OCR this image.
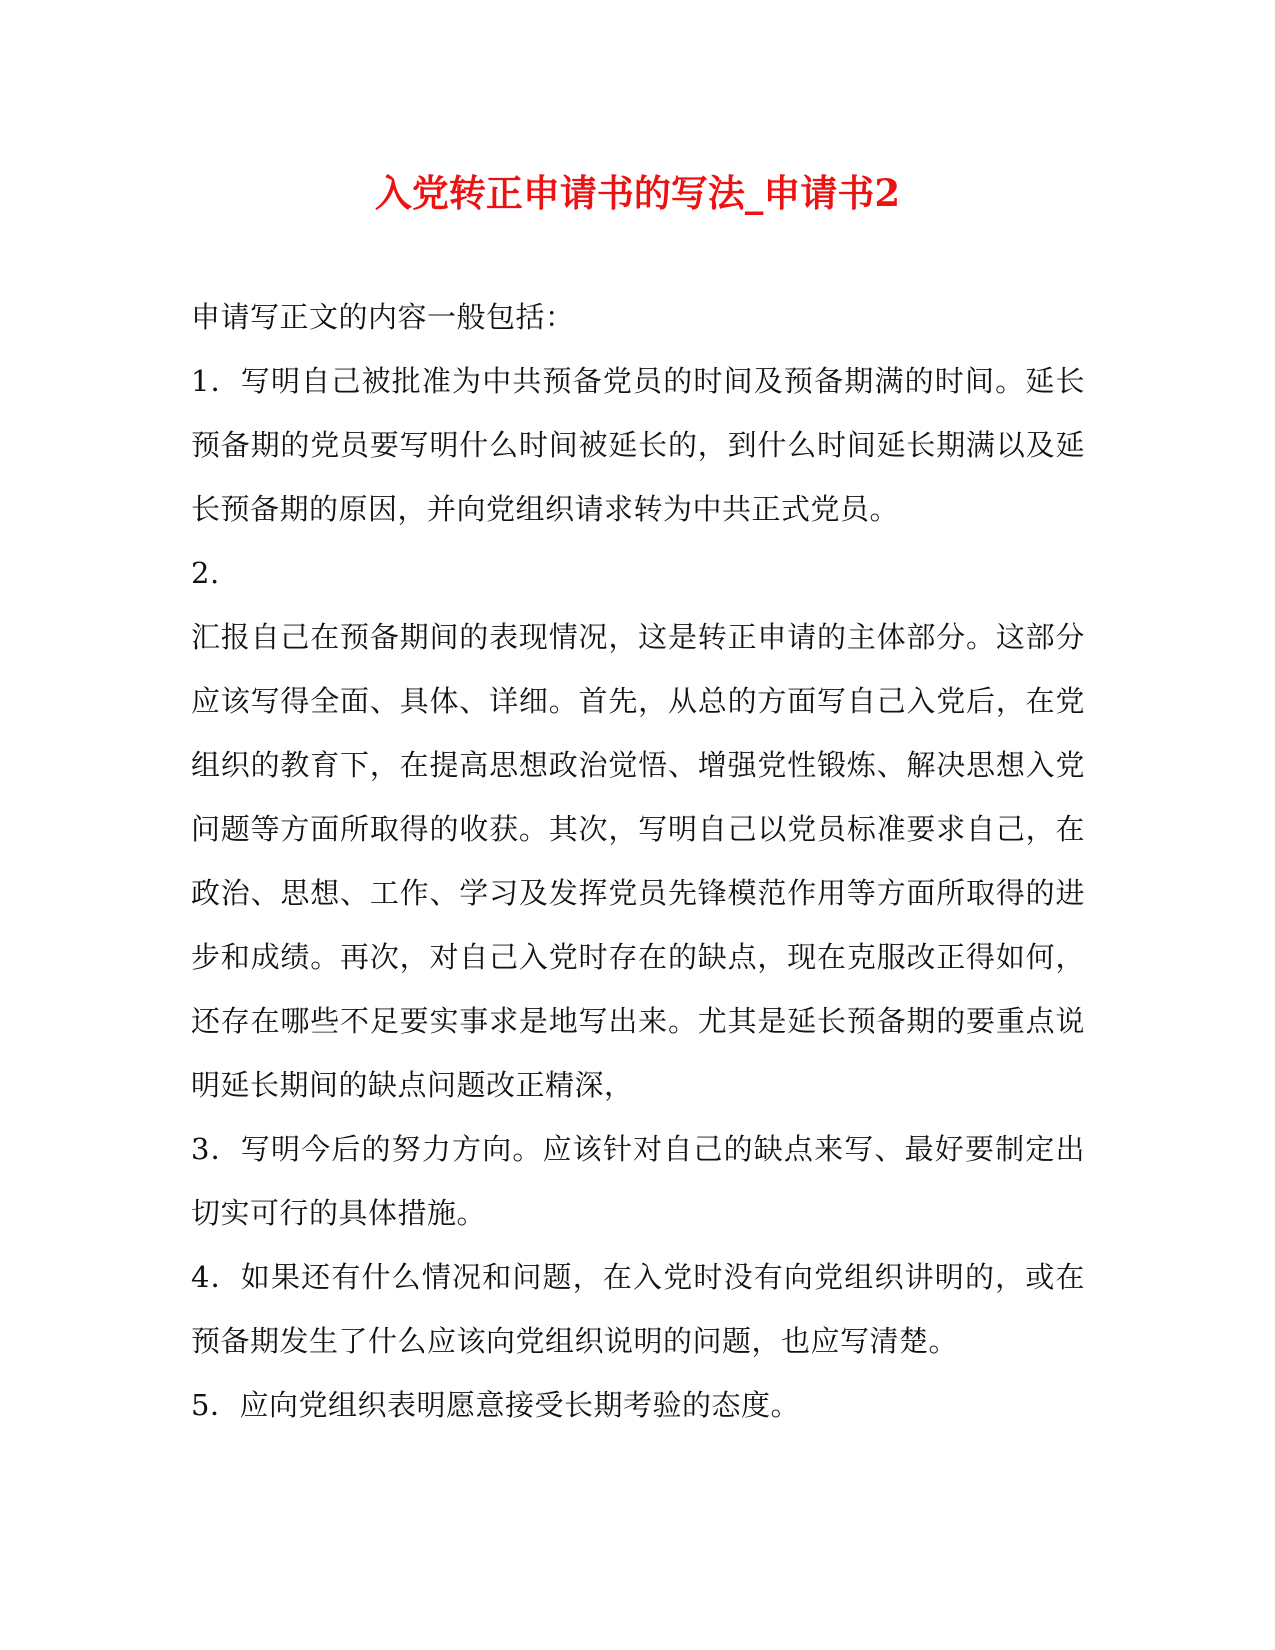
入党转正申请书的写法_申请书2

申请写正文的内容一般包括：

1．写明自己被批准为中共预备党员的时间及预备期满的时间。延长预备期的党员要写明什么时间被延长的，到什么时间延长期满以及延长预备期的原因，并向党组织请求转为中共正式党员。

2.

汇报自己在预备期间的表现情况，这是转正申请的主体部分。这部分应该写得全面、具体、详细。首先，从总的方面写自己入党后，在党组织的教育下，在提高思想政治觉悟、增强党性锻炼、解决思想入党问题等方面所取得的收获。其次，写明自己以党员标准要求自己，在政治、思想、工作、学习及发挥党员先锋模范作用等方面所取得的进步和成绩。再次，对自己入党时存在的缺点，现在克服改正得如何，还存在哪些不足要实事求是地写出来。尤其是延长预备期的要重点说明延长期间的缺点问题改正精深，

3．写明今后的努力方向。应该针对自己的缺点来写、最好要制定出切实可行的具体措施。

4．如果还有什么情况和问题，在入党时没有向党组织讲明的，或在预备期发生了什么应该向党组织说明的问题，也应写清楚。

5．应向党组织表明愿意接受长期考验的态度。
